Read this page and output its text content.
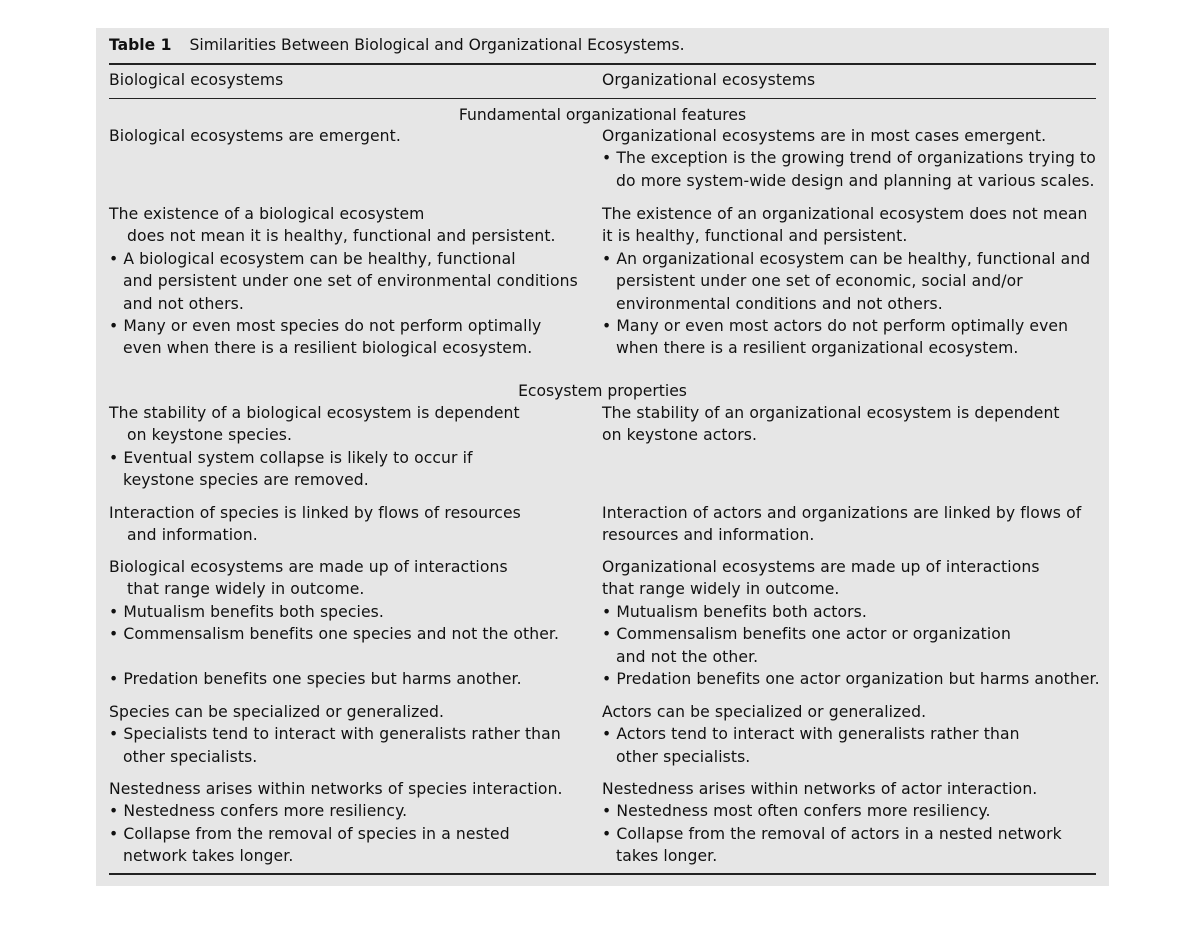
Table 1 Similarities Between Biological and Organizational Ecosystems.
Biological ecosystems	Organizational ecosystems
Fundamental organizational features
Biological ecosystems are emergent.	Organizational ecosystems are in most cases emergent.
• The exception is the growing trend of organizations trying to
do more system-wide design and planning at various scales.
The existence of a biological ecosystem
does not mean it is healthy, functional and persistent.
• A biological ecosystem can be healthy, functional
and persistent under one set of environmental conditions
and not others.
• Many or even most species do not perform optimally
even when there is a resilient biological ecosystem.
The existence of an organizational ecosystem does not mean
it is healthy, functional and persistent.
• An organizational ecosystem can be healthy, functional and
persistent under one set of economic, social and/or
environmental conditions and not others.
• Many or even most actors do not perform optimally even
when there is a resilient organizational ecosystem.
Ecosystem properties
The stability of a biological ecosystem is dependent
on keystone species.
• Eventual system collapse is likely to occur if
keystone species are removed.
The stability of an organizational ecosystem is dependent
on keystone actors.
Interaction of species is linked by flows of resources
and information.
Interaction of actors and organizations are linked by flows of
resources and information.
Biological ecosystems are made up of interactions
that range widely in outcome.
• Mutualism benefits both species.
• Commensalism benefits one species and not the other.
• Predation benefits one species but harms another.
Organizational ecosystems are made up of interactions
that range widely in outcome.
• Mutualism benefits both actors.
• Commensalism benefits one actor or organization
and not the other.
• Predation benefits one actor organization but harms another.
Species can be specialized or generalized.
• Specialists tend to interact with generalists rather than
other specialists.
Actors can be specialized or generalized.
• Actors tend to interact with generalists rather than
other specialists.
Nestedness arises within networks of species interaction.
• Nestedness confers more resiliency.
• Collapse from the removal of species in a nested
network takes longer.
Nestedness arises within networks of actor interaction.
• Nestedness most often confers more resiliency.
• Collapse from the removal of actors in a nested network
takes longer.
